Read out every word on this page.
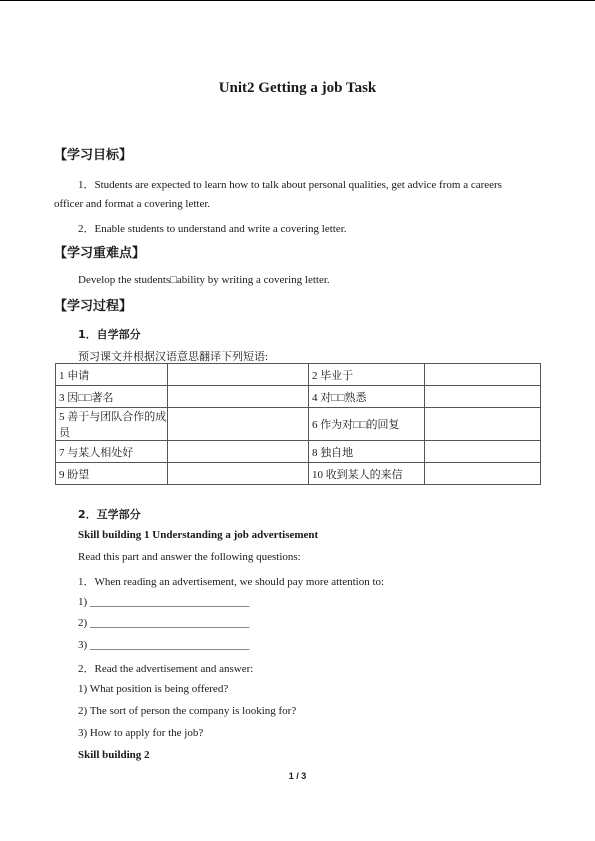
Unit2 Getting a job Task
【学习目标】
1．Students are expected to learn how to talk about personal qualities, get advice from a careers
officer and format a covering letter.
2．Enable students to understand and write a covering letter.
【学习重难点】
Develop the students□ability by writing a covering letter.
【学习过程】
1．自学部分
预习课文并根据汉语意思翻译下列短语:
1 申请		2 毕业于	
3 因□□著名		4 对□□熟悉	
5 善于与团队合作的成员		6 作为对□□的回复	
7 与某人相处好		8 独自地	
9 盼望		10 收到某人的来信	
2．互学部分
Skill building 1 Understanding a job advertisement
Read this part and answer the following questions:
1．When reading an advertisement, we should pay more attention to:
1) _____________________________
2) _____________________________
3) _____________________________
2．Read the advertisement and answer:
1) What position is being offered?
2) The sort of person the company is looking for?
3) How to apply for the job?
Skill building 2
1 / 3
